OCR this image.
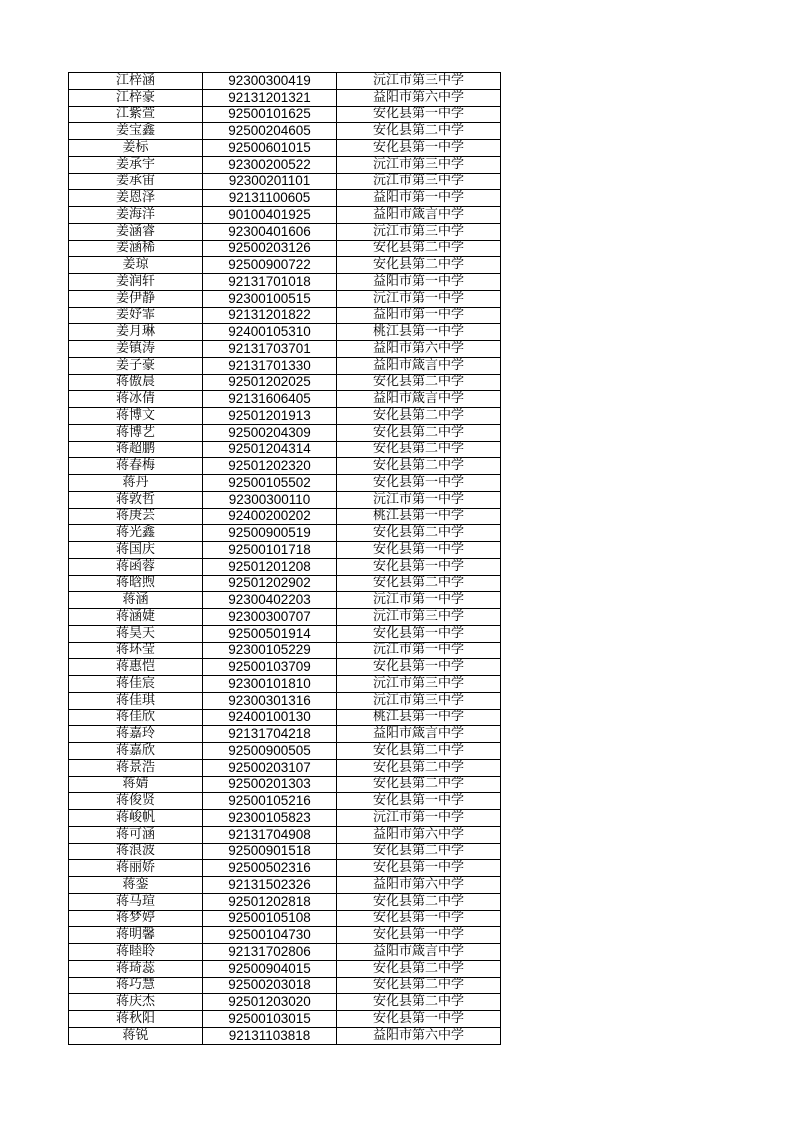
江梓涵	92300300419	沅江市第三中学
江梓豪	92131201321	益阳市第六中学
江紫萱	92500101625	安化县第一中学
姜宝鑫	92500204605	安化县第二中学
姜标	92500601015	安化县第一中学
姜承宇	92300200522	沅江市第三中学
姜承宙	92300201101	沅江市第三中学
姜恩泽	92131100605	益阳市第一中学
姜海洋	90100401925	益阳市箴言中学
姜涵睿	92300401606	沅江市第三中学
姜涵稀	92500203126	安化县第二中学
姜琼	92500900722	安化县第二中学
姜润轩	92131701018	益阳市第一中学
姜伊静	92300100515	沅江市第一中学
姜妤霏	92131201822	益阳市第一中学
姜月琳	92400105310	桃江县第一中学
姜镇涛	92131703701	益阳市第六中学
姜子豪	92131701330	益阳市箴言中学
蒋傲晨	92501202025	安化县第二中学
蒋冰倩	92131606405	益阳市箴言中学
蒋博文	92501201913	安化县第二中学
蒋博艺	92500204309	安化县第二中学
蒋超鹏	92501204314	安化县第二中学
蒋春梅	92501202320	安化县第二中学
蒋丹	92500105502	安化县第一中学
蒋敦哲	92300300110	沅江市第一中学
蒋庚芸	92400200202	桃江县第一中学
蒋光鑫	92500900519	安化县第二中学
蒋国庆	92500101718	安化县第一中学
蒋函蓉	92501201208	安化县第一中学
蒋晗煦	92501202902	安化县第二中学
蒋涵	92300402203	沅江市第一中学
蒋涵婕	92300300707	沅江市第三中学
蒋昊天	92500501914	安化县第一中学
蒋环莹	92300105229	沅江市第一中学
蒋惠恺	92500103709	安化县第一中学
蒋佳宸	92300101810	沅江市第三中学
蒋佳琪	92300301316	沅江市第三中学
蒋佳欣	92400100130	桃江县第一中学
蒋嘉玲	92131704218	益阳市箴言中学
蒋嘉欣	92500900505	安化县第二中学
蒋景浩	92500203107	安化县第二中学
蒋婧	92500201303	安化县第二中学
蒋俊贤	92500105216	安化县第一中学
蒋峻帆	92300105823	沅江市第一中学
蒋可涵	92131704908	益阳市第六中学
蒋浪波	92500901518	安化县第二中学
蒋丽娇	92500502316	安化县第一中学
蒋銮	92131502326	益阳市第六中学
蒋马瑄	92501202818	安化县第二中学
蒋梦婷	92500105108	安化县第一中学
蒋明馨	92500104730	安化县第一中学
蒋睦聆	92131702806	益阳市箴言中学
蒋琦蕊	92500904015	安化县第二中学
蒋巧慧	92500203018	安化县第二中学
蒋庆杰	92501203020	安化县第二中学
蒋秋阳	92500103015	安化县第一中学
蒋锐	92131103818	益阳市第六中学
